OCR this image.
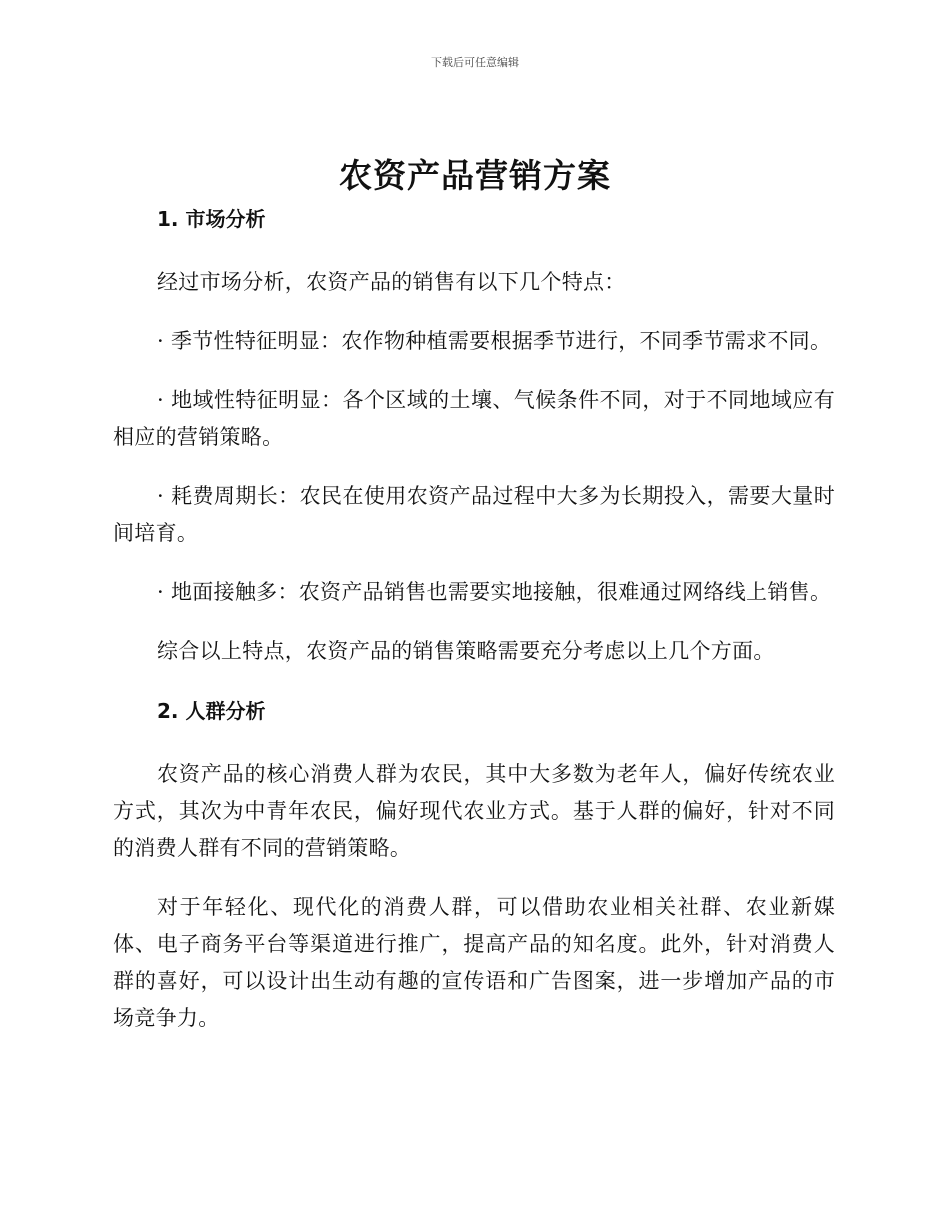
下载后可任意编辑
农资产品营销方案
1. 市场分析

经过市场分析，农资产品的销售有以下几个特点：

· 季节性特征明显：农作物种植需要根据季节进行，不同季节需求不同。

· 地域性特征明显：各个区域的土壤、气候条件不同，对于不同地域应有相应的营销策略。

· 耗费周期长：农民在使用农资产品过程中大多为长期投入，需要大量时间培育。

· 地面接触多：农资产品销售也需要实地接触，很难通过网络线上销售。

综合以上特点，农资产品的销售策略需要充分考虑以上几个方面。

2. 人群分析

农资产品的核心消费人群为农民，其中大多数为老年人，偏好传统农业方式，其次为中青年农民，偏好现代农业方式。基于人群的偏好，针对不同的消费人群有不同的营销策略。

对于年轻化、现代化的消费人群，可以借助农业相关社群、农业新媒体、电子商务平台等渠道进行推广，提高产品的知名度。此外，针对消费人群的喜好，可以设计出生动有趣的宣传语和广告图案，进一步增加产品的市场竞争力。
